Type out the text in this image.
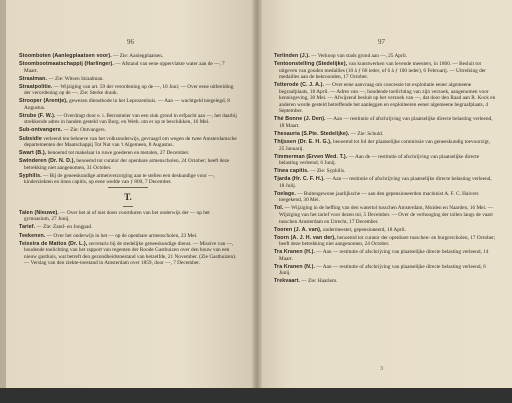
96

Stoomboten (Aanlegplaatsen voor). — Zie: Aanlegplaatsen.

Stoombootmaatschappij (Harlinger). — Afstand van eene oppervlakte water aan de —, 7 Maart.

Straalman. — Zie: Witsen Straalman.

Straatpolitie. — Wijziging van art. 59 der verordening op de —, 10 Juni; — Over eene uitbreiding der verordening op de —. Zie: Sterke drank.

Strooper (Arentje), gewezen dienstbode in het Leprozenhuis. — Aan — wachtgeld toegelegd, 8 Augustus.

Strube (F. W.). — Overdragt door e. i. Bernsmeier van een stuk grond in erfpacht aan —, het daarbij strekkende adres in handen gesteld van Burg. en Weth. om er op te beschikken, 16 Mei.

Sub-ontvangers. — Zie: Ontvangers.

Subsidie verleend ten behoeve van het volksonderwijs, gevraagd om wegen de twee Amsterdamsche departementen der Maatschappij Tot Nut van 't Algemeen, 8 Augustus.

Swart (B.), benoemd tot makelaar in ruwe goederen en metalen, 27 December.

Swinderen (Dr. N. D.), benoemd tot curator der openbare armenscholen, 24 October; heeft deze betrekking niet aangenomen, 31 October.

Syphilis. — Bij de geneeskundige armenverzorging aan te stellen een deskundige voor —, kinderziekten en tinea capitis, op eene wedde van ƒ 800, 7 December.

T.

Talen (Nieuwe). — Over het al of niet doen voortduren van het onderwijs der — op het gymnasium, 27 Junij.

Tarief. — Zie: Zand- en Jongpad.

Teekenen. — Over het onderwijs in het — op de openbare armenscholen, 23 Mei.

Teixeira de Mattos (Dr. L.), secretaris bij de stedelijke geneeskundige dienst. — Missive van —, houdende toelichting van het rapport van regenten der Roode Gasthuizen over den bouw van een nieuw gasthuis, wat betreft den gezondheidstoestand van hetzelfde, 21 November. (Zie Gasthuizen). — Verslag van den ziekte-toestand in Amsterdam over 1859, door —, 7 December.

97

Terlinden (J.). — Verkoop van stads grond aan —, 25 April.

Tentoonstelling (Stedelijke), van kunstwerken van levende meesters, in 1860. — Besluit tot uitgeven van gouden medailles (10 à ƒ 60 ieder, of 6 à ƒ 100 ieder), 6 Februarij. — Uitreiking der medailles aan de bekroonden, 17 October.

Tetterode (C. J. A.). — Over eene aanvraag om concessie tot exploitatie eener algemeene begraafplaats, 18 April. — Adres van —, houdende toelichting van zijn verzoek, aangenomen voor kennisgeving, 30 Mei. — Afwijzend besluit op het verzoek van —, dat door den Raad aan R. Kock en anderen worde gesteld betreffende het aanleggen en exploiteeren eener algemeene begraafplaats, 4 September.

Thé Bonne (J. Den). — Aan — restitutie of afschrijving van plaatselijke directe belasting verleend, 18 Maart.

Thesauria (S.Pte. Stedelijke). — Zie: Schuld.

Thijssen (Dr. E. H. G.), benoemd tot lid der plaatselijke commissie van geneeskundig toevoorzigt, 25 Januarij.

Timmerman (Erven Wed. T.). — Aan de — restitutie of afschrijving van plaatselijke directe belasting verleend, 6 Junij.

Tinea capitis. — Zie: Syphilis.

Tjarda (Hr. C. F. H.). — Aan — restitutie of afschrijving van plaatselijke directe belasting verleend, 18 Julij.

Toelage. — Buitengewone jaarlijksche — aan den gepensioneerden machinist A. F. C. Haivers toegekend, 30 Mei.

Tol. — Wijziging in de heffing van den watertol tusschen Amsterdam, Muiden en Naarden, 16 Mei. — Wijziging van het tarief voor dezen tol, 5 December. — Over de verhooging der tollen langs de vaart tusschen Amsterdam en Utrecht, 17 December.

Tooren (J. A. van), ondermeester, gepensioneerd, 18 April.

Toorn (A. J. H. van der), benoemd tot curator der openbare tusschen- en burgerscholen, 17 October; heeft deze betrekking niet aangenomen, 24 October.

Tra Kranen (H.). — Aan — restitutie of afschrijving van plaatselijke directe belasting verleend, 14 Maart.

Tra Kranen (N.). — Aan — restitutie of afschrijving van plaatselijke directe belasting verleend, 6 Junij.

Trekvaart. — Zie: Haarlem.

3
